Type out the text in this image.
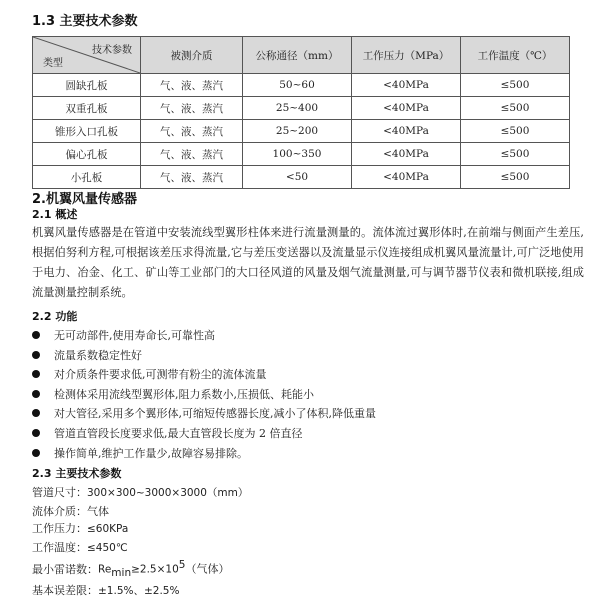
1.3 主要技术参数
技术参数
类型	被测介质	公称通径（mm）	工作压力（MPa）	工作温度（℃）
圆缺孔板	气、液、蒸汽	50~60	<40MPa	≤500
双重孔板	气、液、蒸汽	25~400	<40MPa	≤500
锥形入口孔板	气、液、蒸汽	25~200	<40MPa	≤500
偏心孔板	气、液、蒸汽	100~350	<40MPa	≤500
小孔板	气、液、蒸汽	<50	<40MPa	≤500
2.机翼风量传感器
2.1 概述
机翼风量传感器是在管道中安装流线型翼形柱体来进行流量测量的。流体流过翼形体时,在前端与侧面产生差压,根据伯努利方程,可根据该差压求得流量,它与差压变送器以及流量显示仪连接组成机翼风量流量计,可广泛地使用于电力、冶金、化工、矿山等工业部门的大口径风道的风量及烟气流量测量,可与调节器节仪表和微机联接,组成流量测量控制系统。
2.2 功能
无可动部件,使用寿命长,可靠性高
流量系数稳定性好
对介质条件要求低,可测带有粉尘的流体流量
检测体采用流线型翼形体,阻力系数小,压损低、耗能小
对大管径,采用多个翼形体,可缩短传感器长度,减小了体积,降低重量
管道直管段长度要求低,最大直管段长度为 2 倍直径
操作简单,维护工作量少,故障容易排除。
2.3 主要技术参数
管道尺寸：300×300~3000×3000（mm）
流体介质：气体
工作压力：≤60KPa
工作温度：≤450℃
最小雷诺数：$Re_{min}\ge 2.5\times 10^5$（气体）
基本误差限：±1.5%、±2.5%
